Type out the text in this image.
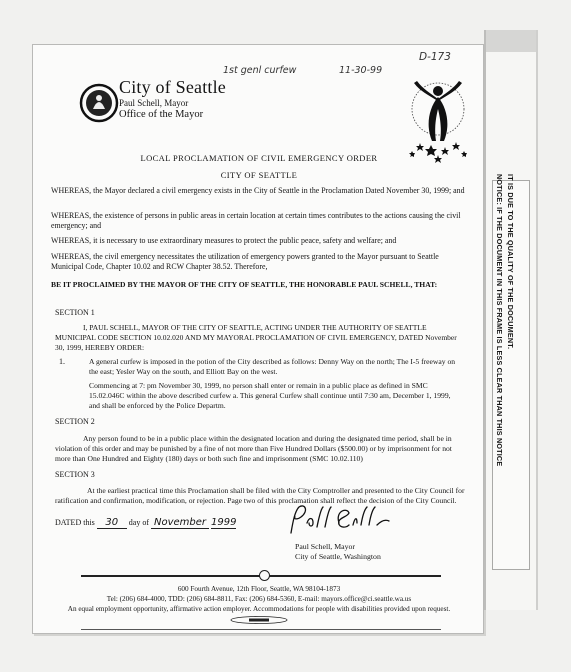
City of Seattle
Paul Schell, Mayor
Office of the Mayor
1st genl curfew	11-30-99
D-173
LOCAL PROCLAMATION OF CIVIL EMERGENCY ORDER
CITY OF SEATTLE
WHEREAS, the Mayor declared a civil emergency exists in the City of Seattle in the Proclamation Dated November 30, 1999; and
WHEREAS, the existence of persons in public areas in certain location at certain times contributes to the actions causing the civil emergency; and
WHEREAS, it is necessary to use extraordinary measures to protect the public peace, safety and welfare; and
WHEREAS, the civil emergency necessitates the utilization of emergency powers granted to the Mayor pursuant to Seattle Municipal Code, Chapter 10.02 and RCW Chapter 38.52. Therefore,
BE IT PROCLAIMED BY THE MAYOR OF THE CITY OF SEATTLE, THE HONORABLE PAUL SCHELL, THAT:
SECTION 1
I, PAUL SCHELL, MAYOR OF THE CITY OF SEATTLE, ACTING UNDER THE AUTHORITY OF SEATTLE MUNICIPAL CODE SECTION 10.02.020 AND MY MAYORAL PROCLAMATION OF CIVIL EMERGENCY, DATED November 30, 1999, HEREBY ORDER:
1.	A general curfew is imposed in the potion of the City described as follows: Denny Way on the north; The I-5 freeway on the east; Yesler Way on the south, and Elliott Bay on the west.
Commencing at 7: pm November 30, 1999, no person shall enter or remain in a public place as defined in SMC 15.02.046C within the above described curfew a. This general Curfew shall continue until 7:30 am, December 1, 1999, and shall be enforced by the Police Departm.
SECTION 2
Any person found to be in a public place within the designated location and during the designated time period, shall be in violation of this order and may be punished by a fine of not more than Five Hundred Dollars ($500.00) or by imprisonment for not more than One Hundred and Eighty (180) days or both such fine and imprisonment (SMC 10.02.110)
SECTION 3
At the earliest practical time this Proclamation shall be filed with the City Comptroller and presented to the City Council for ratification and confirmation, modification, or rejection. Page two of this proclamation shall reflect the decision of the City Council.
DATED this 30 day of November 1999
Paul Schell, Mayor
City of Seattle, Washington
600 Fourth Avenue, 12th Floor, Seattle, WA 98104-1873
Tel: (206) 684-4000, TDD: (206) 684-8811, Fax: (206) 684-5360, E-mail: mayors.office@ci.seattle.wa.us
An equal employment opportunity, affirmative action employer. Accommodations for people with disabilities provided upon request.
NOTICE: IF THE DOCUMENT IN THIS FRAME IS LESS CLEAR THAN THIS NOTICE IT IS DUE TO THE QUALITY OF THE DOCUMENT.
